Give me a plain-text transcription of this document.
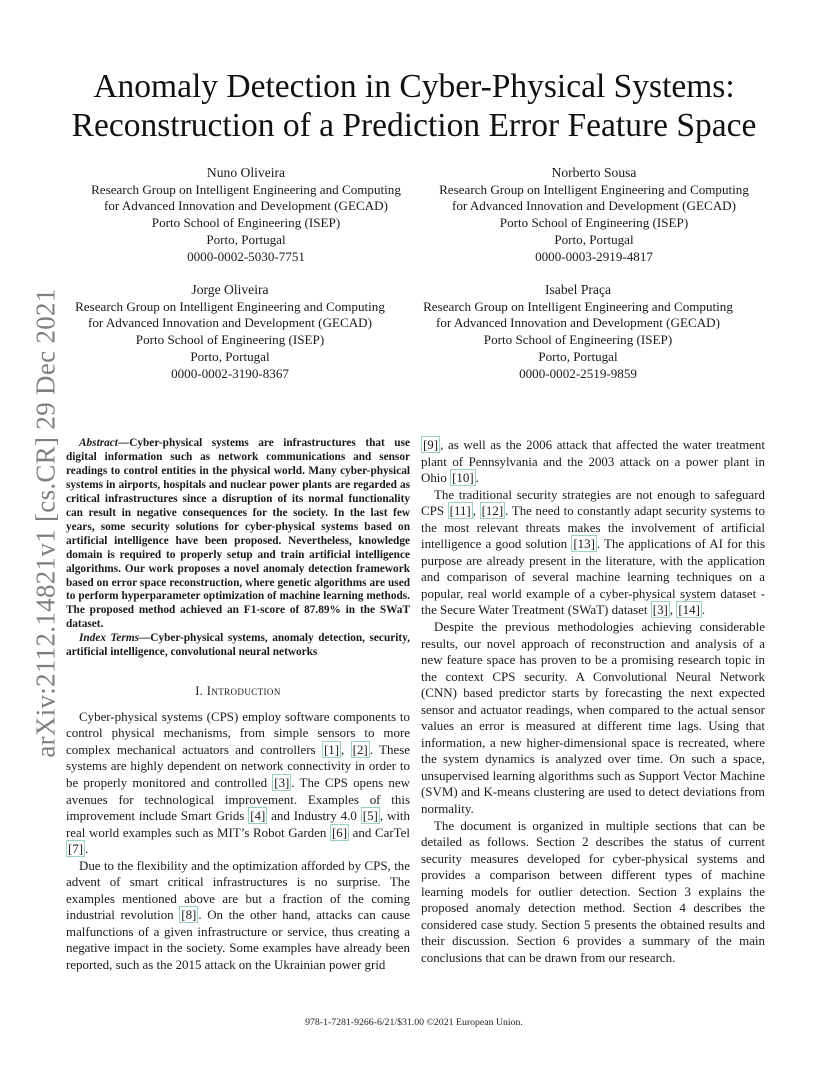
arXiv:2112.14821v1 [cs.CR] 29 Dec 2021
Anomaly Detection in Cyber-Physical Systems:
Reconstruction of a Prediction Error Feature Space
Nuno Oliveira
Research Group on Intelligent Engineering and Computing
for Advanced Innovation and Development (GECAD)
Porto School of Engineering (ISEP)
Porto, Portugal
0000-0002-5030-7751
Norberto Sousa
Research Group on Intelligent Engineering and Computing
for Advanced Innovation and Development (GECAD)
Porto School of Engineering (ISEP)
Porto, Portugal
0000-0003-2919-4817
Jorge Oliveira
Research Group on Intelligent Engineering and Computing
for Advanced Innovation and Development (GECAD)
Porto School of Engineering (ISEP)
Porto, Portugal
0000-0002-3190-8367
Isabel Praça
Research Group on Intelligent Engineering and Computing
for Advanced Innovation and Development (GECAD)
Porto School of Engineering (ISEP)
Porto, Portugal
0000-0002-2519-9859

Abstract—Cyber-physical systems are infrastructures that use digital information such as network communications and sensor readings to control entities in the physical world. Many cyber-physical systems in airports, hospitals and nuclear power plants are regarded as critical infrastructures since a disruption of its normal functionality can result in negative consequences for the society. In the last few years, some security solutions for cyber-physical systems based on artificial intelligence have been proposed. Nevertheless, knowledge domain is required to properly setup and train artificial intelligence algorithms. Our work proposes a novel anomaly detection framework based on error space reconstruction, where genetic algorithms are used to perform hyperparameter optimization of machine learning methods. The proposed method achieved an F1-score of 87.89% in the SWaT dataset.

Index Terms—Cyber-physical systems, anomaly detection, security, artificial intelligence, convolutional neural networks

I. Introduction

Cyber-physical systems (CPS) employ software components to control physical mechanisms, from simple sensors to more complex mechanical actuators and controllers [1] , [2] . These systems are highly dependent on network connectivity in order to be properly monitored and controlled [3] . The CPS opens new avenues for technological improvement. Examples of this improvement include Smart Grids [4] and Industry 4.0 [5] , with real world examples such as MIT’s Robot Garden [6] and CarTel [7] .

Due to the flexibility and the optimization afforded by CPS, the advent of smart critical infrastructures is no surprise. The examples mentioned above are but a fraction of the coming industrial revolution [8] . On the other hand, attacks can cause malfunctions of a given infrastructure or service, thus creating a negative impact in the society. Some examples have already been reported, such as the 2015 attack on the Ukrainian power grid

[9] , as well as the 2006 attack that affected the water treatment plant of Pennsylvania and the 2003 attack on a power plant in Ohio [10] .

The traditional security strategies are not enough to safeguard CPS [11] , [12] . The need to constantly adapt security systems to the most relevant threats makes the involvement of artificial intelligence a good solution [13] . The applications of AI for this purpose are already present in the literature, with the application and comparison of several machine learning techniques on a popular, real world example of a cyber-physical system dataset - the Secure Water Treatment (SWaT) dataset [3] , [14] .

Despite the previous methodologies achieving considerable results, our novel approach of reconstruction and analysis of a new feature space has proven to be a promising research topic in the context CPS security. A Convolutional Neural Network (CNN) based predictor starts by forecasting the next expected sensor and actuator readings, when compared to the actual sensor values an error is measured at different time lags. Using that information, a new higher-dimensional space is recreated, where the system dynamics is analyzed over time. On such a space, unsupervised learning algorithms such as Support Vector Machine (SVM) and K-means clustering are used to detect deviations from normality.

The document is organized in multiple sections that can be detailed as follows. Section 2 describes the status of current security measures developed for cyber-physical systems and provides a comparison between different types of machine learning models for outlier detection. Section 3 explains the proposed anomaly detection method. Section 4 describes the considered case study. Section 5 presents the obtained results and their discussion. Section 6 provides a summary of the main conclusions that can be drawn from our research.

978-1-7281-9266-6/21/$31.00 ©2021 European Union.
